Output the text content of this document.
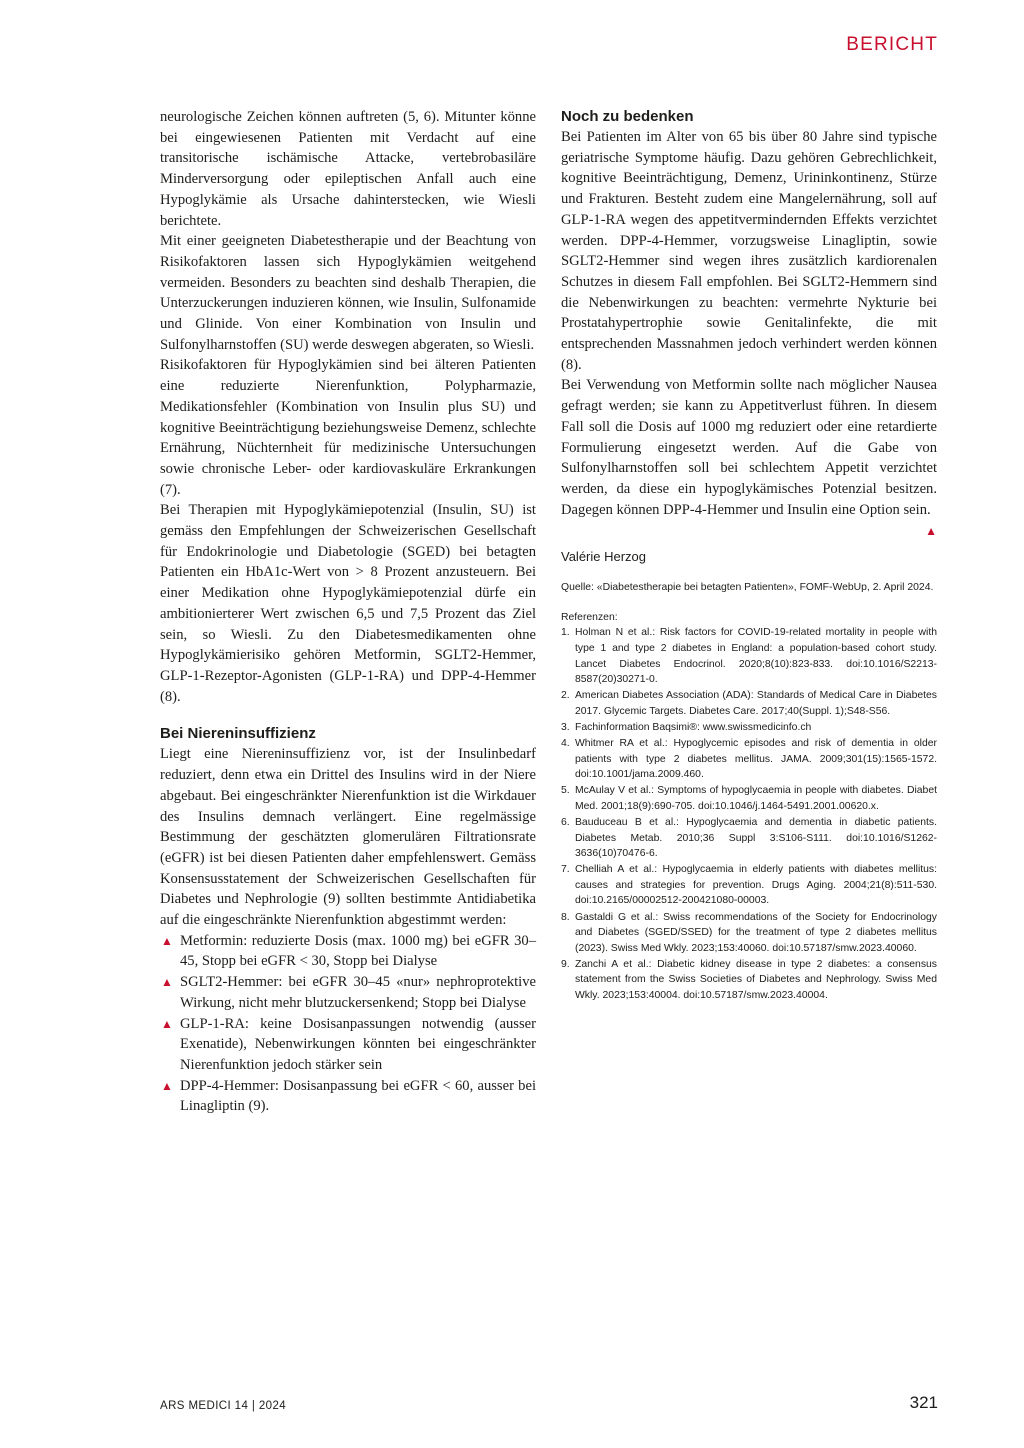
BERICHT

neurologische Zeichen können auftreten (5, 6). Mitunter könne bei eingewiesenen Patienten mit Verdacht auf eine transitorische ischämische Attacke, vertebrobasiläre Minderversorgung oder epileptischen Anfall auch eine Hypoglykämie als Ursache dahinterstecken, wie Wiesli berichtete.

Mit einer geeigneten Diabetestherapie und der Beachtung von Risikofaktoren lassen sich Hypoglykämien weitgehend vermeiden. Besonders zu beachten sind deshalb Therapien, die Unterzuckerungen induzieren können, wie Insulin, Sulfonamide und Glinide. Von einer Kombination von Insulin und Sulfonylharnstoffen (SU) werde deswegen abgeraten, so Wiesli.

Risikofaktoren für Hypoglykämien sind bei älteren Patienten eine reduzierte Nierenfunktion, Polypharmazie, Medikationsfehler (Kombination von Insulin plus SU) und kognitive Beeinträchtigung beziehungsweise Demenz, schlechte Ernährung, Nüchternheit für medizinische Untersuchungen sowie chronische Leber- oder kardiovaskuläre Erkrankungen (7).

Bei Therapien mit Hypoglykämiepotenzial (Insulin, SU) ist gemäss den Empfehlungen der Schweizerischen Gesellschaft für Endokrinologie und Diabetologie (SGED) bei betagten Patienten ein HbA1c-Wert von > 8 Prozent anzusteuern. Bei einer Medikation ohne Hypoglykämiepotenzial dürfe ein ambitionierterer Wert zwischen 6,5 und 7,5 Prozent das Ziel sein, so Wiesli. Zu den Diabetesmedikamenten ohne Hypoglykämierisiko gehören Metformin, SGLT2-Hemmer, GLP-1-Rezeptor-Agonisten (GLP-1-RA) und DPP-4-Hemmer (8).

Bei Niereninsuffizienz

Liegt eine Niereninsuffizienz vor, ist der Insulinbedarf reduziert, denn etwa ein Drittel des Insulins wird in der Niere abgebaut. Bei eingeschränkter Nierenfunktion ist die Wirkdauer des Insulins demnach verlängert. Eine regelmässige Bestimmung der geschätzten glomerulären Filtrationsrate (eGFR) ist bei diesen Patienten daher empfehlenswert. Gemäss Konsensusstatement der Schweizerischen Gesellschaften für Diabetes und Nephrologie (9) sollten bestimmte Antidiabetika auf die eingeschränkte Nierenfunktion abgestimmt werden:

▲ Metformin: reduzierte Dosis (max. 1000 mg) bei eGFR 30–45, Stopp bei eGFR < 30, Stopp bei Dialyse
▲ SGLT2-Hemmer: bei eGFR 30–45 «nur» nephroprotektive Wirkung, nicht mehr blutzuckersenkend; Stopp bei Dialyse
▲ GLP-1-RA: keine Dosisanpassungen notwendig (ausser Exenatide), Nebenwirkungen könnten bei eingeschränkter Nierenfunktion jedoch stärker sein
▲ DPP-4-Hemmer: Dosisanpassung bei eGFR < 60, ausser bei Linagliptin (9).
Noch zu bedenken

Bei Patienten im Alter von 65 bis über 80 Jahre sind typische geriatrische Symptome häufig. Dazu gehören Gebrechlichkeit, kognitive Beeinträchtigung, Demenz, Urininkontinenz, Stürze und Frakturen. Besteht zudem eine Mangelernährung, soll auf GLP-1-RA wegen des appetitvermindernden Effekts verzichtet werden. DPP-4-Hemmer, vorzugsweise Linagliptin, sowie SGLT2-Hemmer sind wegen ihres zusätzlich kardiorenalen Schutzes in diesem Fall empfohlen. Bei SGLT2-Hemmern sind die Nebenwirkungen zu beachten: vermehrte Nykturie bei Prostatahypertrophie sowie Genitalinfekte, die mit entsprechenden Massnahmen jedoch verhindert werden können (8).

Bei Verwendung von Metformin sollte nach möglicher Nausea gefragt werden; sie kann zu Appetitverlust führen. In diesem Fall soll die Dosis auf 1000 mg reduziert oder eine retardierte Formulierung eingesetzt werden. Auf die Gabe von Sulfonylharnstoffen soll bei schlechtem Appetit verzichtet werden, da diese ein hypoglykämisches Potenzial besitzen. Dagegen können DPP-4-Hemmer und Insulin eine Option sein.
▲

Valérie Herzog

Quelle: «Diabetestherapie bei betagten Patienten», FOMF-WebUp, 2. April 2024.

Referenzen:

1. Holman N et al.: Risk factors for COVID-19-related mortality in people with type 1 and type 2 diabetes in England: a population-based cohort study. Lancet Diabetes Endocrinol. 2020;8(10):823-833. doi:10.1016/S2213-8587(20)30271-0.
2. American Diabetes Association (ADA): Standards of Medical Care in Diabetes 2017. Glycemic Targets. Diabetes Care. 2017;40(Suppl. 1);S48-S56.
3. Fachinformation Baqsimi®: www.swissmedicinfo.ch
4. Whitmer RA et al.: Hypoglycemic episodes and risk of dementia in older patients with type 2 diabetes mellitus. JAMA. 2009;301(15):1565-1572. doi:10.1001/jama.2009.460.
5. McAulay V et al.: Symptoms of hypoglycaemia in people with diabetes. Diabet Med. 2001;18(9):690-705. doi:10.1046/j.1464-5491.2001.00620.x.
6. Bauduceau B et al.: Hypoglycaemia and dementia in diabetic patients. Diabetes Metab. 2010;36 Suppl 3:S106-S111. doi:10.1016/S1262-3636(10)70476-6.
7. Chelliah A et al.: Hypoglycaemia in elderly patients with diabetes mellitus: causes and strategies for prevention. Drugs Aging. 2004;21(8):511-530. doi:10.2165/00002512-200421080-00003.
8. Gastaldi G et al.: Swiss recommendations of the Society for Endocrinology and Diabetes (SGED/SSED) for the treatment of type 2 diabetes mellitus (2023). Swiss Med Wkly. 2023;153:40060. doi:10.57187/smw.2023.40060.
9. Zanchi A et al.: Diabetic kidney disease in type 2 diabetes: a consensus statement from the Swiss Societies of Diabetes and Nephrology. Swiss Med Wkly. 2023;153:40004. doi:10.57187/smw.2023.40004.
ARS MEDICI 14 | 2024	321
